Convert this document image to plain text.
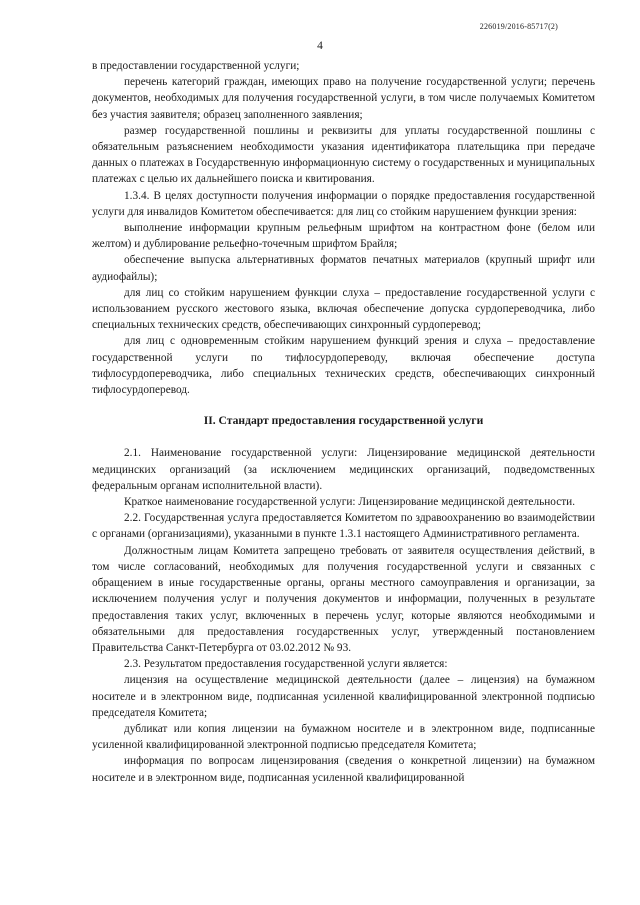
226019/2016-85717(2)
4

в предоставлении государственной услуги;

перечень категорий граждан, имеющих право на получение государственной услуги; перечень документов, необходимых для получения государственной услуги, в том числе получаемых Комитетом без участия заявителя; образец заполненного заявления;

размер государственной пошлины и реквизиты для уплаты государственной пошлины с обязательным разъяснением необходимости указания идентификатора плательщика при передаче данных о платежах в Государственную информационную систему о государственных и муниципальных платежах с целью их дальнейшего поиска и квитирования.

1.3.4. В целях доступности получения информации о порядке предоставления государственной услуги для инвалидов Комитетом обеспечивается: для лиц со стойким нарушением функции зрения:

выполнение информации крупным рельефным шрифтом на контрастном фоне (белом или желтом) и дублирование рельефно-точечным шрифтом Брайля;

обеспечение выпуска альтернативных форматов печатных материалов (крупный шрифт или аудиофайлы);

для лиц со стойким нарушением функции слуха – предоставление государственной услуги с использованием русского жестового языка, включая обеспечение допуска сурдопереводчика, либо специальных технических средств, обеспечивающих синхронный сурдоперевод;

для лиц с одновременным стойким нарушением функций зрения и слуха – предоставление государственной услуги по тифлосурдопереводу, включая обеспечение доступа тифлосурдопереводчика, либо специальных технических средств, обеспечивающих синхронный тифлосурдоперевод.

II. Стандарт предоставления государственной услуги

2.1. Наименование государственной услуги: Лицензирование медицинской деятельности медицинских организаций (за исключением медицинских организаций, подведомственных федеральным органам исполнительной власти).

Краткое наименование государственной услуги: Лицензирование медицинской деятельности.

2.2. Государственная услуга предоставляется Комитетом по здравоохранению во взаимодействии с органами (организациями), указанными в пункте 1.3.1 настоящего Административного регламента.

Должностным лицам Комитета запрещено требовать от заявителя осуществления действий, в том числе согласований, необходимых для получения государственной услуги и связанных с обращением в иные государственные органы, органы местного самоуправления и организации, за исключением получения услуг и получения документов и информации, полученных в результате предоставления таких услуг, включенных в перечень услуг, которые являются необходимыми и обязательными для предоставления государственных услуг, утвержденный постановлением Правительства Санкт-Петербурга от 03.02.2012 № 93.

2.3. Результатом предоставления государственной услуги является:

лицензия на осуществление медицинской деятельности (далее – лицензия) на бумажном носителе и в электронном виде, подписанная усиленной квалифицированной электронной подписью председателя Комитета;

дубликат или копия лицензии на бумажном носителе и в электронном виде, подписанные усиленной квалифицированной электронной подписью председателя Комитета;

информация по вопросам лицензирования (сведения о конкретной лицензии) на бумажном носителе и в электронном виде, подписанная усиленной квалифицированной
